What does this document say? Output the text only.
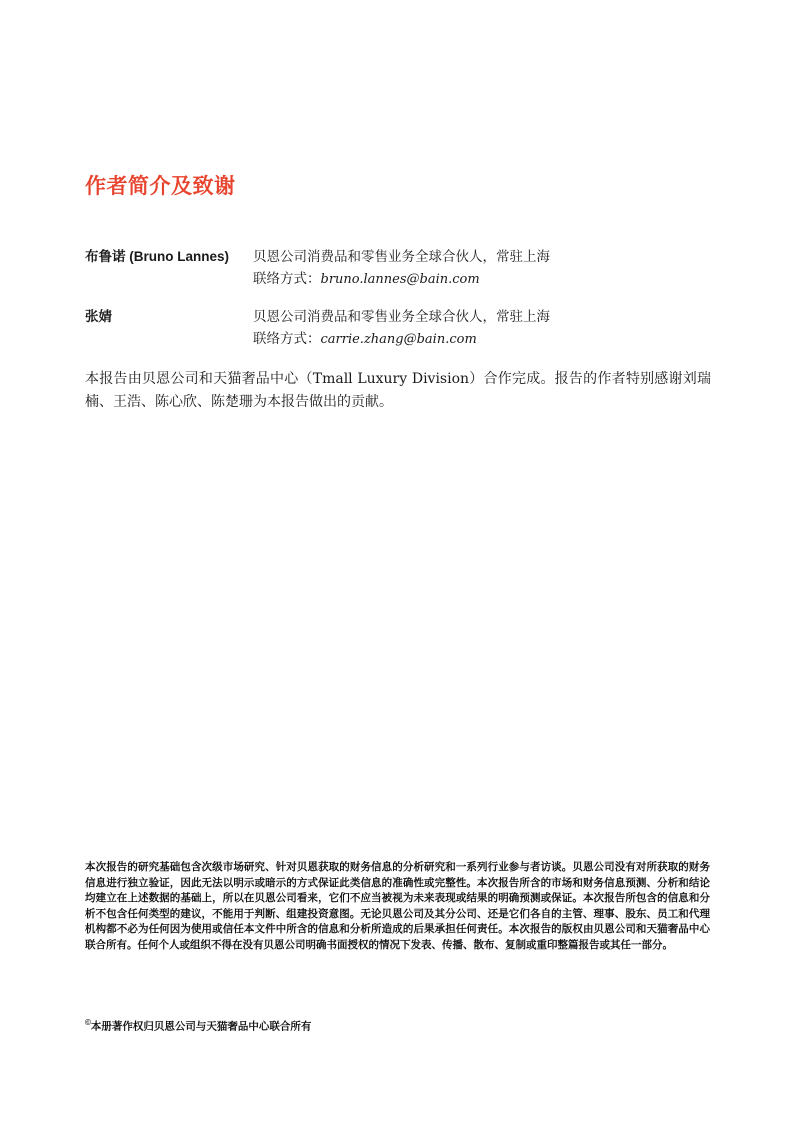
作者简介及致谢
布鲁诺 (Bruno Lannes)	贝恩公司消费品和零售业务全球合伙人，常驻上海
联络方式：bruno.lannes@bain.com
张婧	贝恩公司消费品和零售业务全球合伙人，常驻上海
联络方式：carrie.zhang@bain.com

本报告由贝恩公司和天猫奢品中心（Tmall Luxury Division）合作完成。报告的作者特别感谢刘瑞楠、王浩、陈心欣、陈楚珊为本报告做出的贡献。

本次报告的研究基础包含次级市场研究、针对贝恩获取的财务信息的分析研究和一系列行业参与者访谈。贝恩公司没有对所获取的财务信息进行独立验证，因此无法以明示或暗示的方式保证此类信息的准确性或完整性。本次报告所含的市场和财务信息预测、分析和结论均建立在上述数据的基础上，所以在贝恩公司看来，它们不应当被视为未来表现或结果的明确预测或保证。本次报告所包含的信息和分析不包含任何类型的建议，不能用于判断、组建投资意图。无论贝恩公司及其分公司、还是它们各自的主管、理事、股东、员工和代理机构都不必为任何因为使用或信任本文件中所含的信息和分析所造成的后果承担任何责任。本次报告的版权由贝恩公司和天猫奢品中心联合所有。任何个人或组织不得在没有贝恩公司明确书面授权的情况下发表、传播、散布、复制或重印整篇报告或其任一部分。
©本册著作权归贝恩公司与天猫奢品中心联合所有
